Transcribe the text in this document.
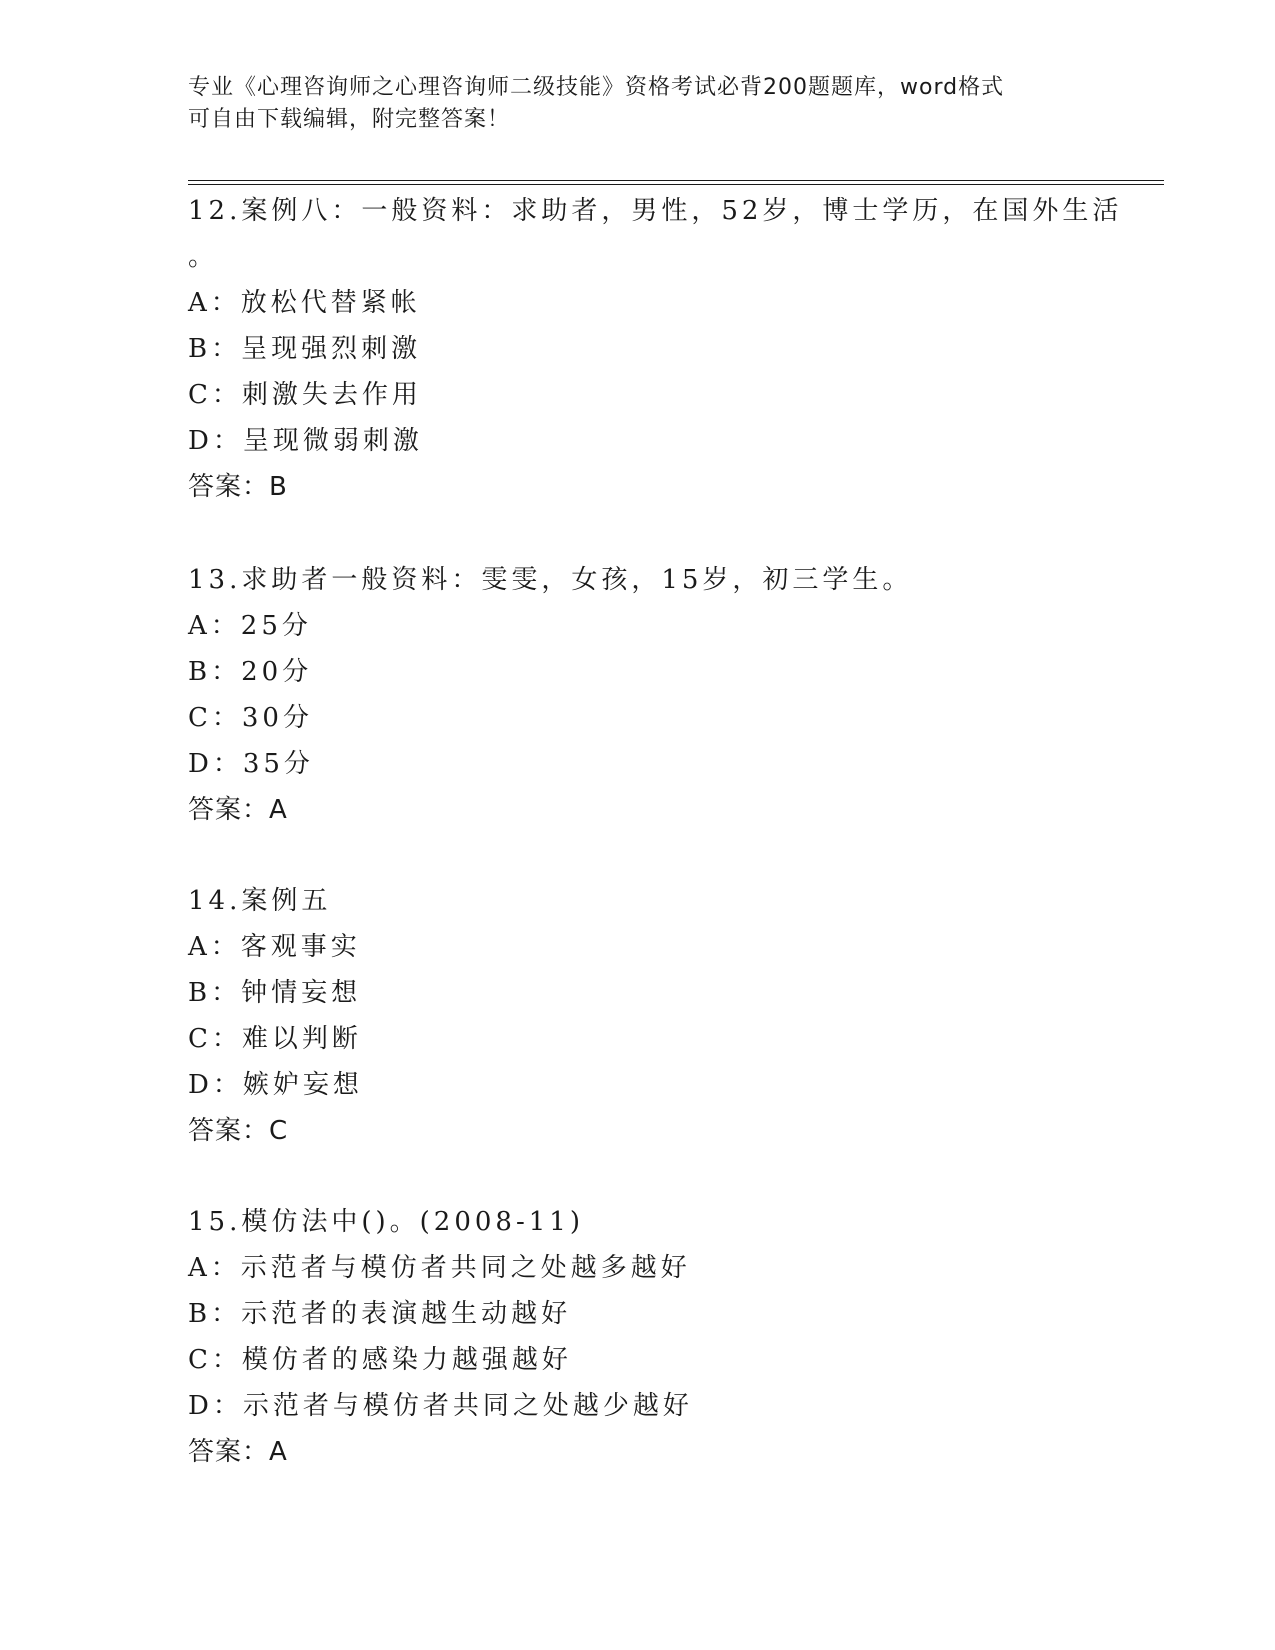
专业《心理咨询师之心理咨询师二级技能》资格考试必背200题题库，word格式
可自由下载编辑，附完整答案！
12.案例八：一般资料：求助者，男性，52岁，博士学历，在国外生活
。
A：放松代替紧帐
B：呈现强烈刺激
C：刺激失去作用
D：呈现微弱刺激
答案：B
13.求助者一般资料：雯雯，女孩，15岁，初三学生。
A：25分
B：20分
C：30分
D：35分
答案：A
14.案例五
A：客观事实
B：钟情妄想
C：难以判断
D：嫉妒妄想
答案：C
15.模仿法中()。(2008-11)
A：示范者与模仿者共同之处越多越好
B：示范者的表演越生动越好
C：模仿者的感染力越强越好
D：示范者与模仿者共同之处越少越好
答案：A
